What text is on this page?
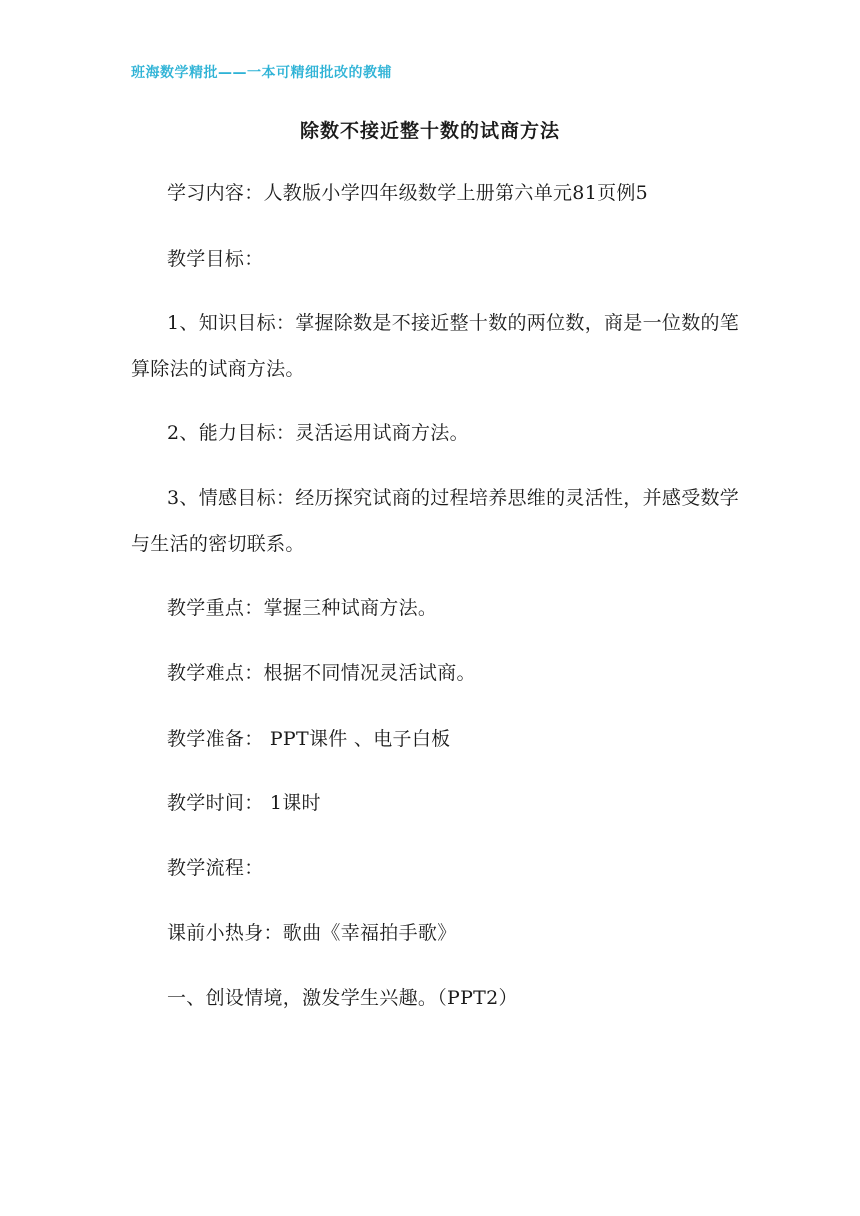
班海数学精批——一本可精细批改的教辅
除数不接近整十数的试商方法

学习内容：人教版小学四年级数学上册第六单元81页例5

教学目标：

1、知识目标：掌握除数是不接近整十数的两位数，商是一位数的笔算除法的试商方法。

2、能力目标：灵活运用试商方法。

3、情感目标：经历探究试商的过程培养思维的灵活性，并感受数学与生活的密切联系。

教学重点：掌握三种试商方法。

教学难点：根据不同情况灵活试商。

教学准备： PPT课件 、电子白板

教学时间： 1课时

教学流程：

课前小热身：歌曲《幸福拍手歌》

一、创设情境，激发学生兴趣。（PPT2）
